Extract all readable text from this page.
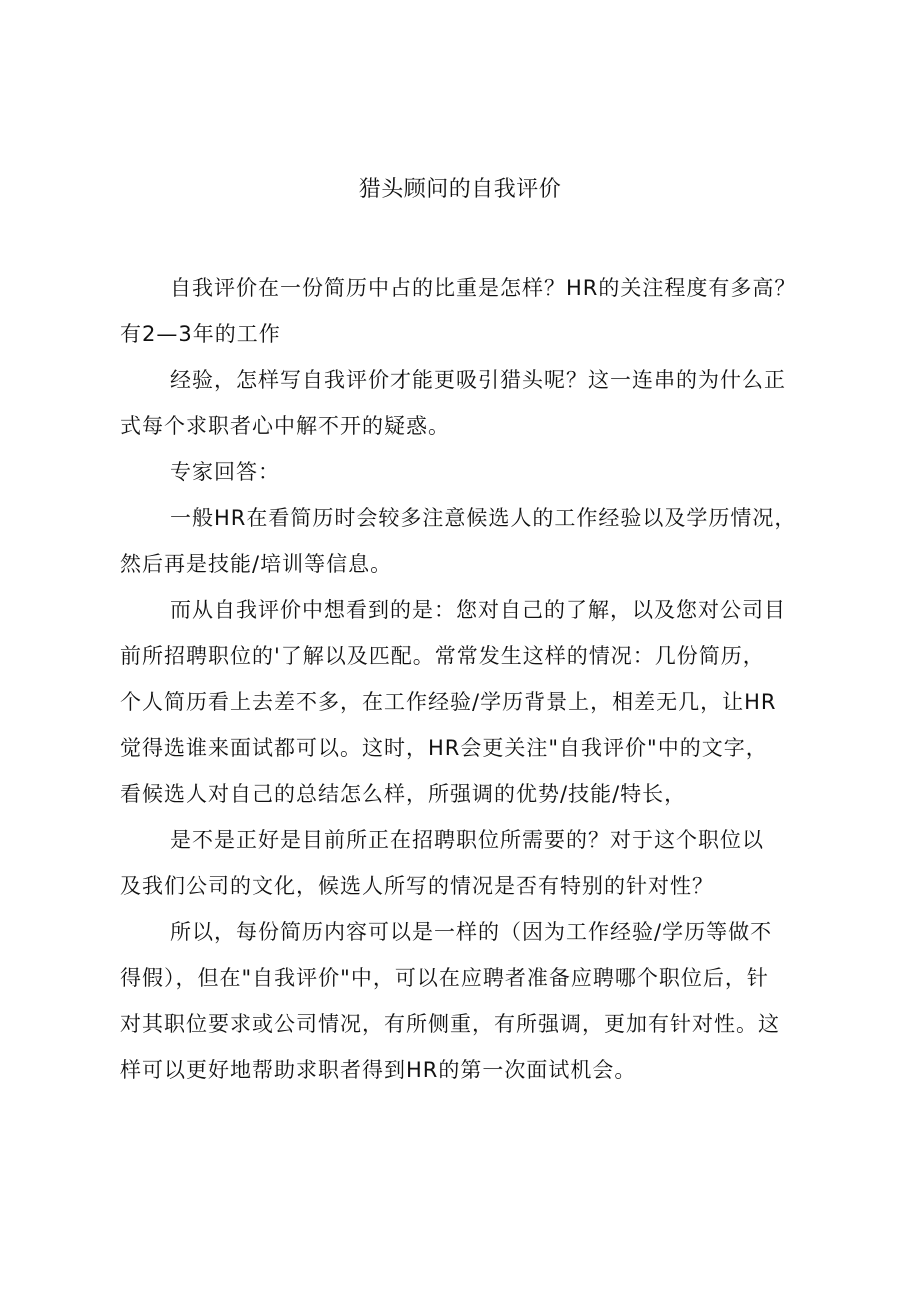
猎头顾问的自我评价
自我评价在一份简历中占的比重是怎样？HR的关注程度有多高？
有2—3年的工作
经验，怎样写自我评价才能更吸引猎头呢？这一连串的为什么正
式每个求职者心中解不开的疑惑。
专家回答：
一般HR在看简历时会较多注意候选人的工作经验以及学历情况，
然后再是技能/培训等信息。
而从自我评价中想看到的是：您对自己的了解，以及您对公司目
前所招聘职位的'了解以及匹配。常常发生这样的情况：几份简历，
个人简历看上去差不多，在工作经验/学历背景上，相差无几，让HR
觉得选谁来面试都可以。这时，HR会更关注"自我评价"中的文字，
看候选人对自己的总结怎么样，所强调的优势/技能/特长，
是不是正好是目前所正在招聘职位所需要的？对于这个职位以
及我们公司的文化，候选人所写的情况是否有特别的针对性？
所以，每份简历内容可以是一样的（因为工作经验/学历等做不
得假），但在"自我评价"中，可以在应聘者准备应聘哪个职位后，针
对其职位要求或公司情况，有所侧重，有所强调，更加有针对性。这
样可以更好地帮助求职者得到HR的第一次面试机会。
